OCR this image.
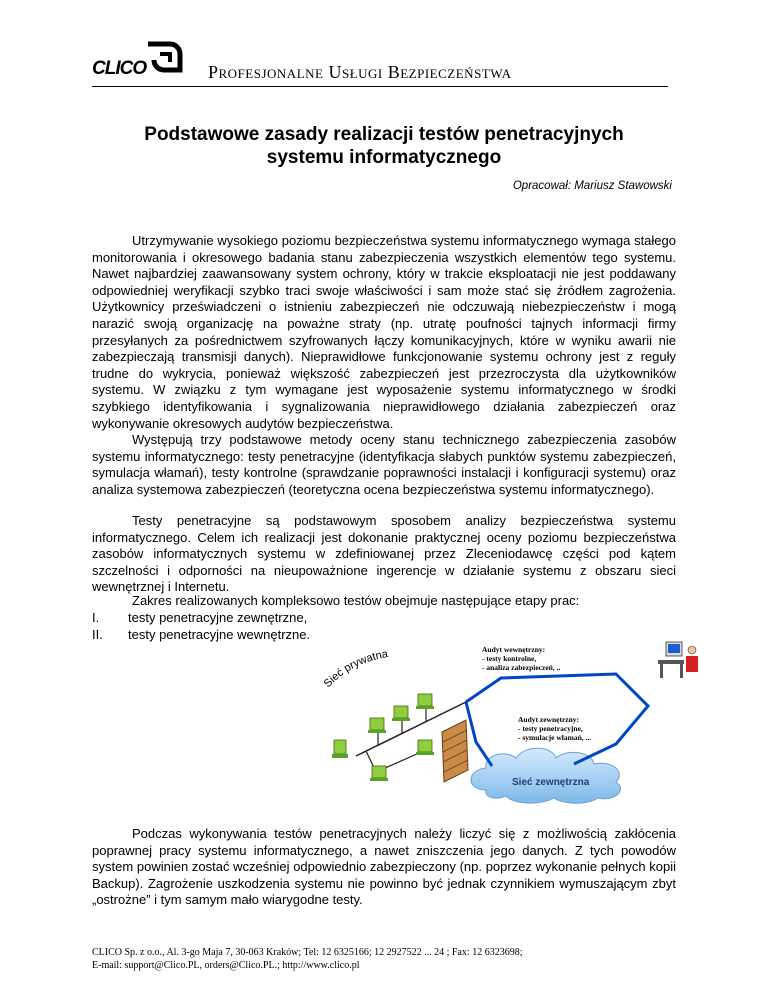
CLICO	Profesjonalne Usługi Bezpieczeństwa
Podstawowe zasady realizacji testów penetracyjnych
systemu informatycznego
Opracował: Mariusz Stawowski
Utrzymywanie wysokiego poziomu bezpieczeństwa systemu informatycznego wymaga stałego monitorowania i okresowego badania stanu zabezpieczenia wszystkich elementów tego systemu. Nawet najbardziej zaawansowany system ochrony, który w trakcie eksploatacji nie jest poddawany odpowiedniej weryfikacji szybko traci swoje właściwości i sam może stać się źródłem zagrożenia. Użytkownicy przeświadczeni o istnieniu zabezpieczeń nie odczuwają niebezpieczeństw i mogą narazić swoją organizację na poważne straty (np. utratę poufności tajnych informacji firmy przesyłanych za pośrednictwem szyfrowanych łączy komunikacyjnych, które w wyniku awarii nie zabezpieczają transmisji danych). Nieprawidłowe funkcjonowanie systemu ochrony jest z reguły trudne do wykrycia, ponieważ większość zabezpieczeń jest przezroczysta dla użytkowników systemu. W związku z tym wymagane jest wyposażenie systemu informatycznego w środki szybkiego identyfikowania i sygnalizowania nieprawidłowego działania zabezpieczeń oraz wykonywanie okresowych audytów bezpieczeństwa.
Występują trzy podstawowe metody oceny stanu technicznego zabezpieczenia zasobów systemu informatycznego: testy penetracyjne (identyfikacja słabych punktów systemu zabezpieczeń, symulacja włamań), testy kontrolne (sprawdzanie poprawności instalacji i konfiguracji systemu) oraz analiza systemowa zabezpieczeń (teoretyczna ocena bezpieczeństwa systemu informatycznego).
Testy penetracyjne są podstawowym sposobem analizy bezpieczeństwa systemu informatycznego. Celem ich realizacji jest dokonanie praktycznej oceny poziomu bezpieczeństwa zasobów informatycznych systemu w zdefiniowanej przez Zleceniodawcę części pod kątem szczelności i odporności na nieupoważnione ingerencje w działanie systemu z obszaru sieci wewnętrznej i Internetu.
Zakres realizowanych kompleksowo testów obejmuje następujące etapy prac:
I.	testy penetracyjne zewnętrzne,
II.	testy penetracyjne wewnętrzne.
Sieć zewnętrzna
Sieć prywatna	Audyt wewnętrzny:
- testy kontrolne,
- analiza zabezpieczeń, ..
Audyt zewnętrzny:
- testy penetracyjne,
- symulacje włamań, ...
Podczas wykonywania testów penetracyjnych należy liczyć się z możliwością zakłócenia poprawnej pracy systemu informatycznego, a nawet zniszczenia jego danych. Z tych powodów system powinien zostać wcześniej odpowiednio zabezpieczony (np. poprzez wykonanie pełnych kopii Backup). Zagrożenie uszkodzenia systemu nie powinno być jednak czynnikiem wymuszającym zbyt „ostrożne” i tym samym mało wiarygodne testy.
CLICO Sp. z o.o., Al. 3-go Maja 7, 30-063 Kraków; Tel: 12 6325166; 12 2927522 ... 24 ; Fax: 12 6323698;
E-mail: support@Clico.PL, orders@Clico.PL.; http://www.clico.pl
